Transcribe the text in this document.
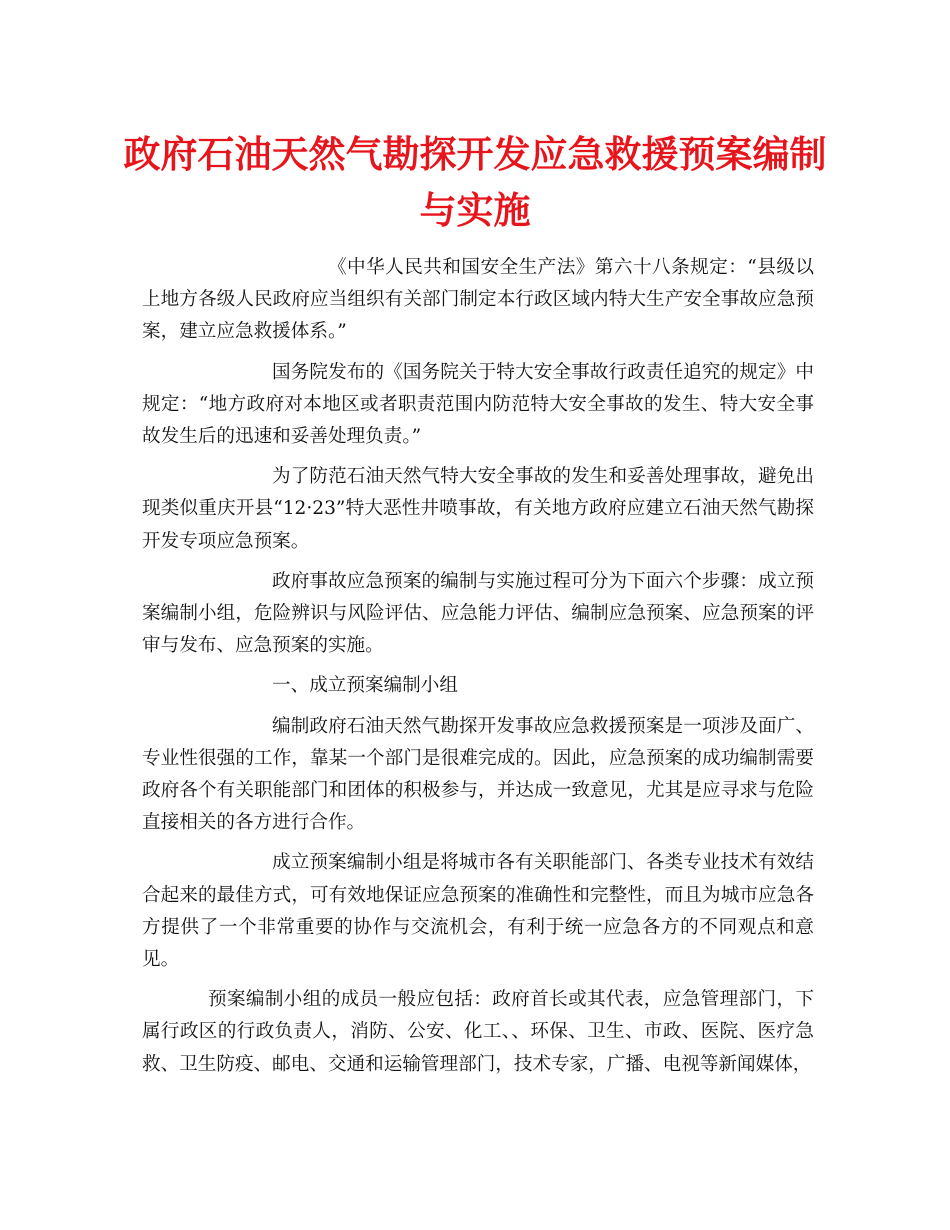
政府石油天然气勘探开发应急救援预案编制与实施

《中华人民共和国安全生产法》第六十八条规定：“县级以上地方各级人民政府应当组织有关部门制定本行政区域内特大生产安全事故应急预案，建立应急救援体系。”

国务院发布的《国务院关于特大安全事故行政责任追究的规定》中规定：“地方政府对本地区或者职责范围内防范特大安全事故的发生、特大安全事故发生后的迅速和妥善处理负责。”

为了防范石油天然气特大安全事故的发生和妥善处理事故，避免出现类似重庆开县“12·23”特大恶性井喷事故，有关地方政府应建立石油天然气勘探开发专项应急预案。

政府事故应急预案的编制与实施过程可分为下面六个步骤：成立预案编制小组，危险辨识与风险评估、应急能力评估、编制应急预案、应急预案的评审与发布、应急预案的实施。

一、成立预案编制小组

编制政府石油天然气勘探开发事故应急救援预案是一项涉及面广、专业性很强的工作，靠某一个部门是很难完成的。因此，应急预案的成功编制需要政府各个有关职能部门和团体的积极参与，并达成一致意见，尤其是应寻求与危险直接相关的各方进行合作。

成立预案编制小组是将城市各有关职能部门、各类专业技术有效结合起来的最佳方式，可有效地保证应急预案的准确性和完整性，而且为城市应急各方提供了一个非常重要的协作与交流机会，有利于统一应急各方的不同观点和意见。

预案编制小组的成员一般应包括：政府首长或其代表，应急管理部门，下属行政区的行政负责人，消防、公安、化工、、环保、卫生、市政、医院、医疗急救、卫生防疫、邮电、交通和运输管理部门，技术专家，广播、电视等新闻媒体，
